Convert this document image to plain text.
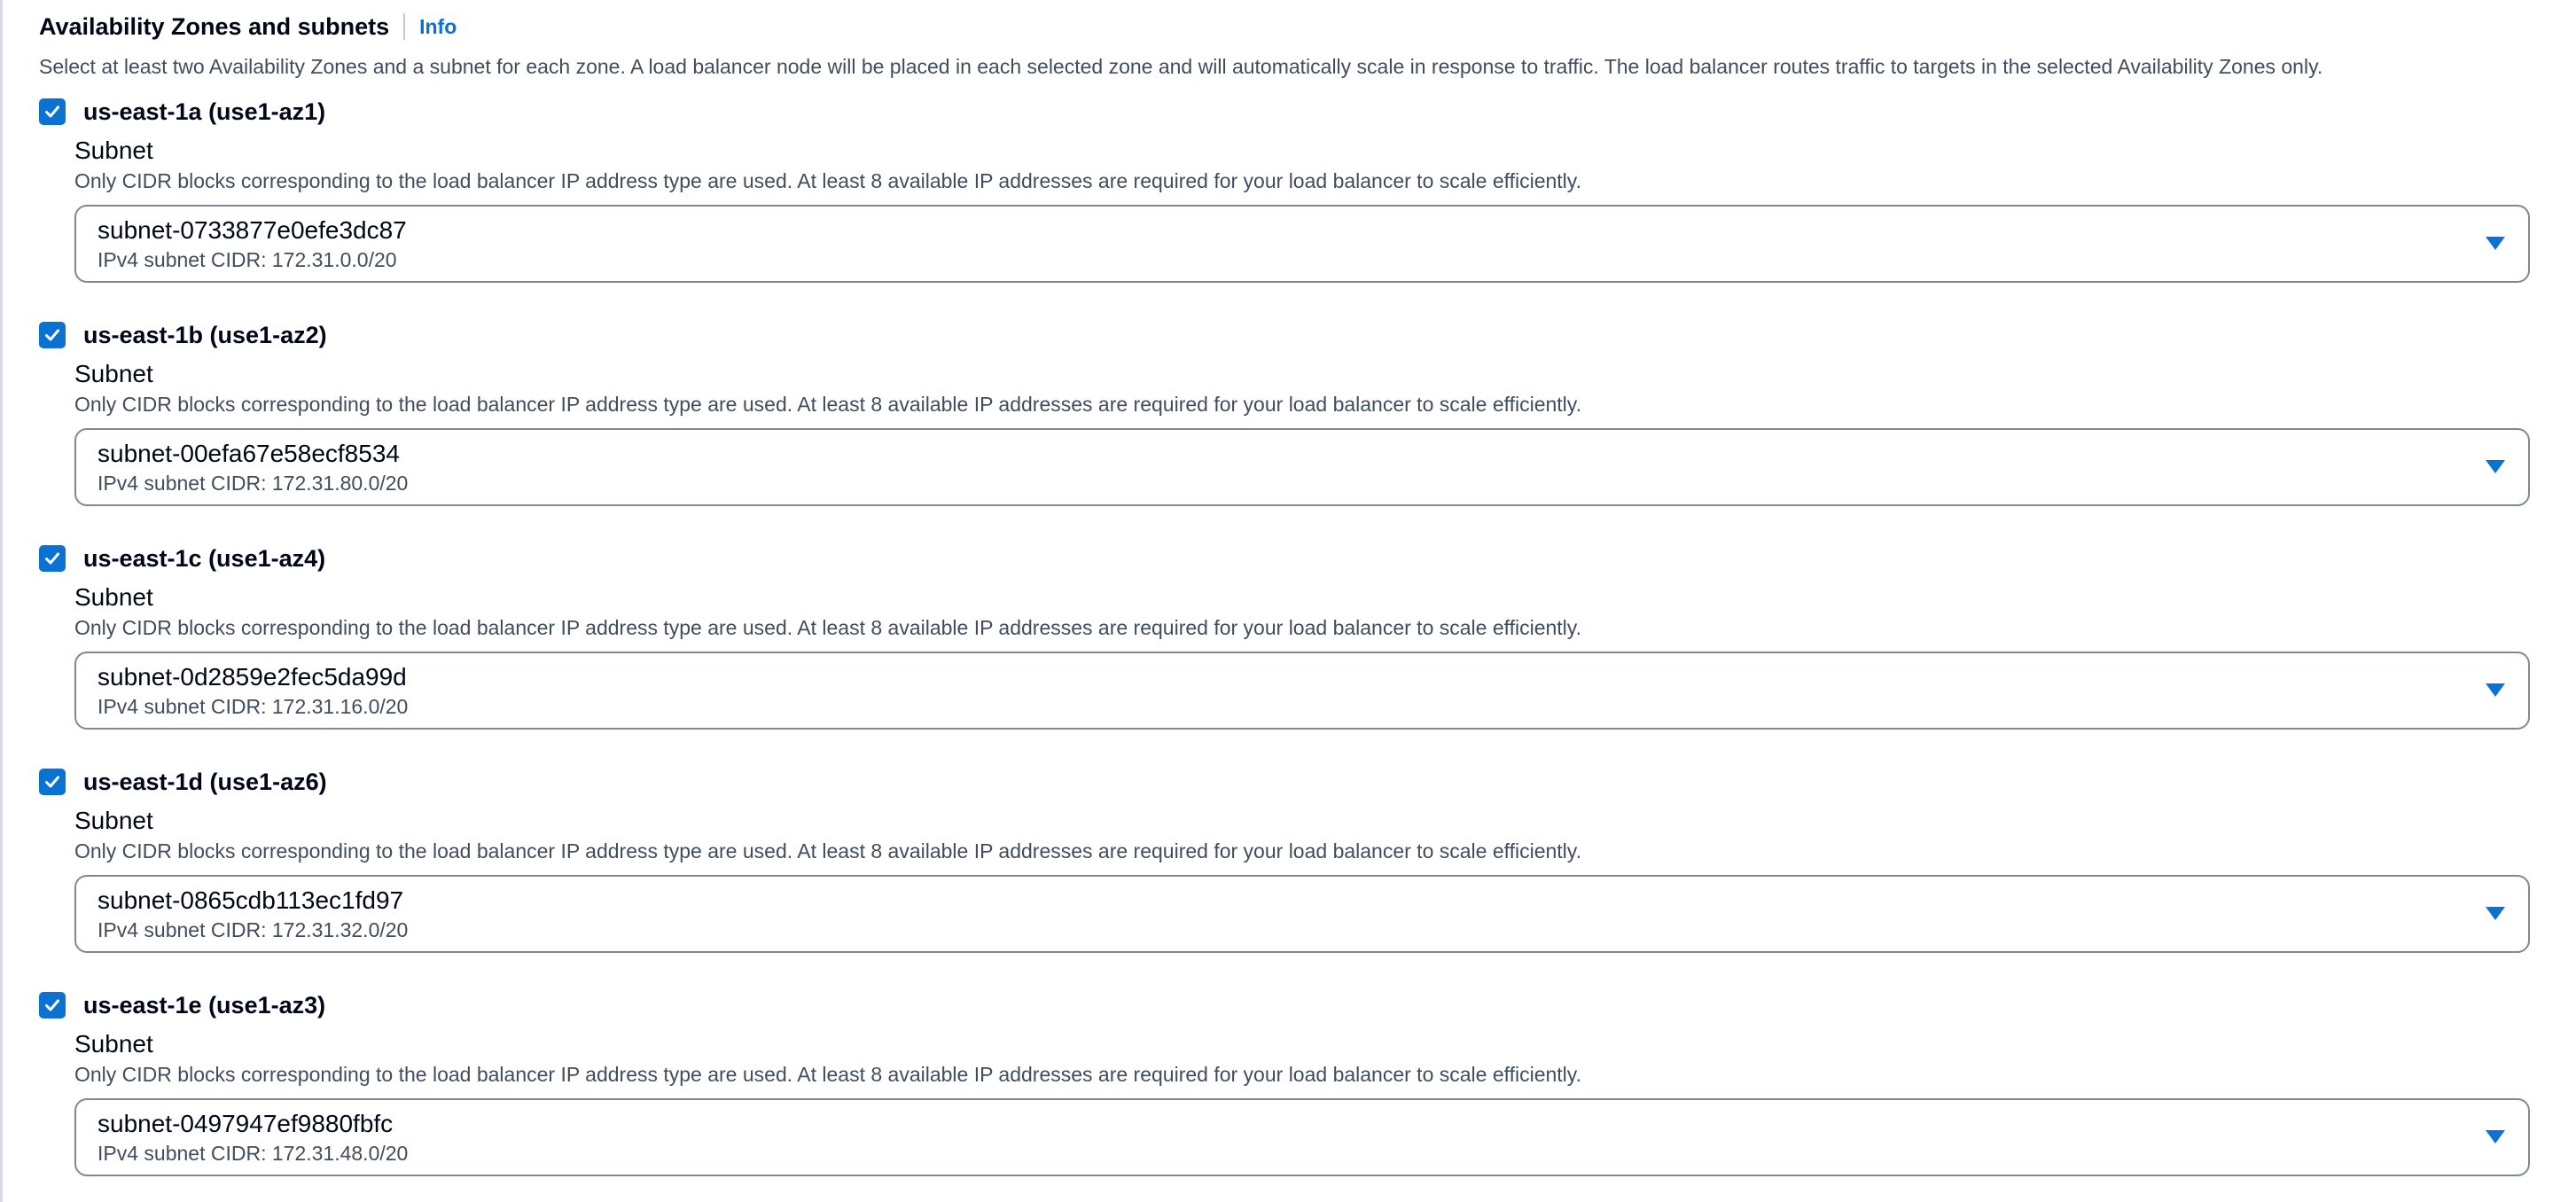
Availability Zones and subnets Info
Select at least two Availability Zones and a subnet for each zone. A load balancer node will be placed in each selected zone and will automatically scale in response to traffic. The load balancer routes traffic to targets in the selected Availability Zones only.
us-east-1a (use1-az1)
Subnet
Only CIDR blocks corresponding to the load balancer IP address type are used. At least 8 available IP addresses are required for your load balancer to scale efficiently.
subnet-0733877e0efe3dc87
IPv4 subnet CIDR: 172.31.0.0/20
us-east-1b (use1-az2)
Subnet
Only CIDR blocks corresponding to the load balancer IP address type are used. At least 8 available IP addresses are required for your load balancer to scale efficiently.
subnet-00efa67e58ecf8534
IPv4 subnet CIDR: 172.31.80.0/20
us-east-1c (use1-az4)
Subnet
Only CIDR blocks corresponding to the load balancer IP address type are used. At least 8 available IP addresses are required for your load balancer to scale efficiently.
subnet-0d2859e2fec5da99d
IPv4 subnet CIDR: 172.31.16.0/20
us-east-1d (use1-az6)
Subnet
Only CIDR blocks corresponding to the load balancer IP address type are used. At least 8 available IP addresses are required for your load balancer to scale efficiently.
subnet-0865cdb113ec1fd97
IPv4 subnet CIDR: 172.31.32.0/20
us-east-1e (use1-az3)
Subnet
Only CIDR blocks corresponding to the load balancer IP address type are used. At least 8 available IP addresses are required for your load balancer to scale efficiently.
subnet-0497947ef9880fbfc
IPv4 subnet CIDR: 172.31.48.0/20
